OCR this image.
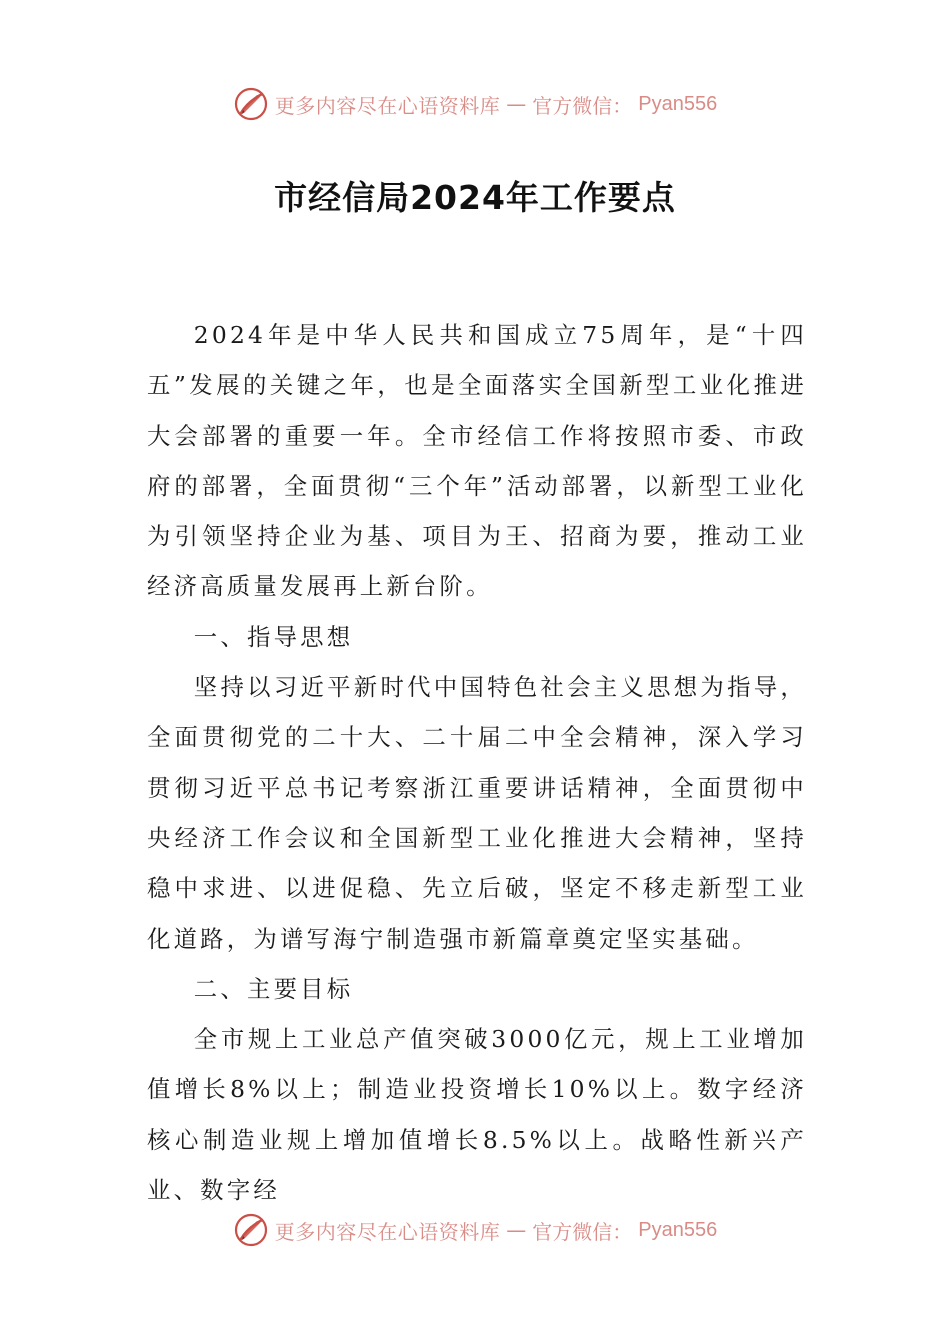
更多内容尽在心语资料库 — 官方微信： Pyan556
市经信局2024年工作要点

2024年是中华人民共和国成立75周年，是“十四五”发展的关键之年，也是全面落实全国新型工业化推进大会部署的重要一年。全市经信工作将按照市委、市政府的部署，全面贯彻“三个年”活动部署，以新型工业化为引领坚持企业为基、项目为王、招商为要，推动工业经济高质量发展再上新台阶。

一、指导思想

坚持以习近平新时代中国特色社会主义思想为指导，全面贯彻党的二十大、二十届二中全会精神，深入学习贯彻习近平总书记考察浙江重要讲话精神，全面贯彻中央经济工作会议和全国新型工业化推进大会精神，坚持稳中求进、以进促稳、先立后破，坚定不移走新型工业化道路，为谱写海宁制造强市新篇章奠定坚实基础。

二、主要目标

全市规上工业总产值突破3000亿元，规上工业增加值增长8%以上；制造业投资增长10%以上。数字经济核心制造业规上增加值增长8.5%以上。战略性新兴产业、数字经

更多内容尽在心语资料库 — 官方微信： Pyan556
